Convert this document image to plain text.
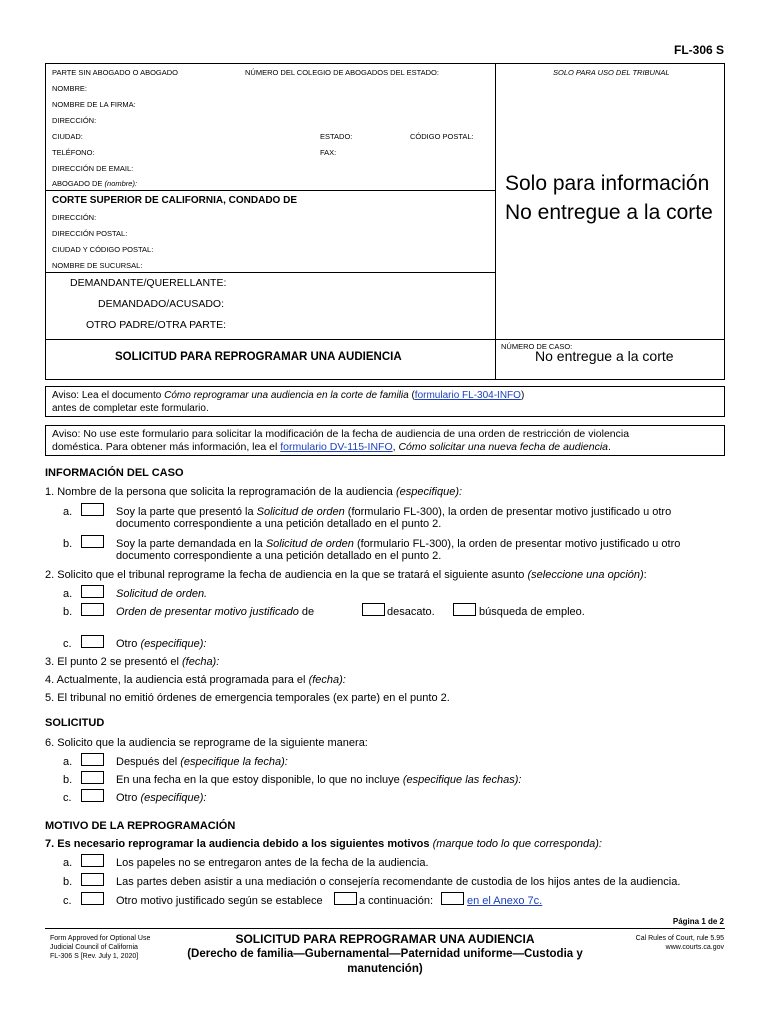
FL-306 S
PARTE SIN ABOGADO O ABOGADO	NÚMERO DEL COLEGIO DE ABOGADOS DEL ESTADO:	SOLO PARA USO DEL TRIBUNAL
NOMBRE:
NOMBRE DE LA FIRMA:
DIRECCIÓN:
CIUDAD:	ESTADO:	CÓDIGO POSTAL:
TELÉFONO:	FAX:
DIRECCIÓN DE EMAIL:
ABOGADO DE (nombre):
CORTE SUPERIOR DE CALIFORNIA, CONDADO DE
DIRECCIÓN:
DIRECCIÓN POSTAL:
CIUDAD Y CÓDIGO POSTAL:
NOMBRE DE SUCURSAL:
DEMANDANTE/QUERELLANTE:
DEMANDADO/ACUSADO:
OTRO PADRE/OTRA PARTE:
Solo para información
No entregue a la corte
SOLICITUD PARA REPROGRAMAR UNA AUDIENCIA
NÚMERO DE CASO:
No entregue a la corte
Aviso: Lea el documento Cómo reprogramar una audiencia en la corte de familia (formulario FL-304-INFO)
antes de completar este formulario.
Aviso: No use este formulario para solicitar la modificación de la fecha de audiencia de una orden de restricción de violencia
doméstica. Para obtener más información, lea el formulario DV-115-INFO, Cómo solicitar una nueva fecha de audiencia.
INFORMACIÓN DEL CASO
1. Nombre de la persona que solicita la reprogramación de la audiencia (especifique):
a.	Soy la parte que presentó la Solicitud de orden (formulario FL-300), la orden de presentar motivo justificado u otro
documento correspondiente a una petición detallado en el punto 2.
b.	Soy la parte demandada en la Solicitud de orden (formulario FL-300), la orden de presentar motivo justificado u otro
documento correspondiente a una petición detallado en el punto 2.
2. Solicito que el tribunal reprograme la fecha de audiencia en la que se tratará el siguiente asunto (seleccione una opción):
a.	Solicitud de orden.
b.	Orden de presentar motivo justificado de	desacato.	búsqueda de empleo.
c.	Otro (especifique):
3. El punto 2 se presentó el (fecha):
4. Actualmente, la audiencia está programada para el (fecha):
5. El tribunal no emitió órdenes de emergencia temporales (ex parte) en el punto 2.
SOLICITUD
6. Solicito que la audiencia se reprograme de la siguiente manera:
a.	Después del (especifique la fecha):
b.	En una fecha en la que estoy disponible, lo que no incluye (especifique las fechas):
c.	Otro (especifique):
MOTIVO DE LA REPROGRAMACIÓN
7. Es necesario reprogramar la audiencia debido a los siguientes motivos (marque todo lo que corresponda):
a.	Los papeles no se entregaron antes de la fecha de la audiencia.
b.	Las partes deben asistir a una mediación o consejería recomendante de custodia de los hijos antes de la audiencia.
c.	Otro motivo justificado según se establece	a continuación:	en el Anexo 7c.
Página 1 de 2
Form Approved for Optional Use
Judicial Council of California
FL-306 S [Rev. July 1, 2020]
SOLICITUD PARA REPROGRAMAR UNA AUDIENCIA
(Derecho de familia—Gubernamental—Paternidad uniforme—Custodia y
manutención)
Cal Rules of Court, rule 5.95
www.courts.ca.gov
